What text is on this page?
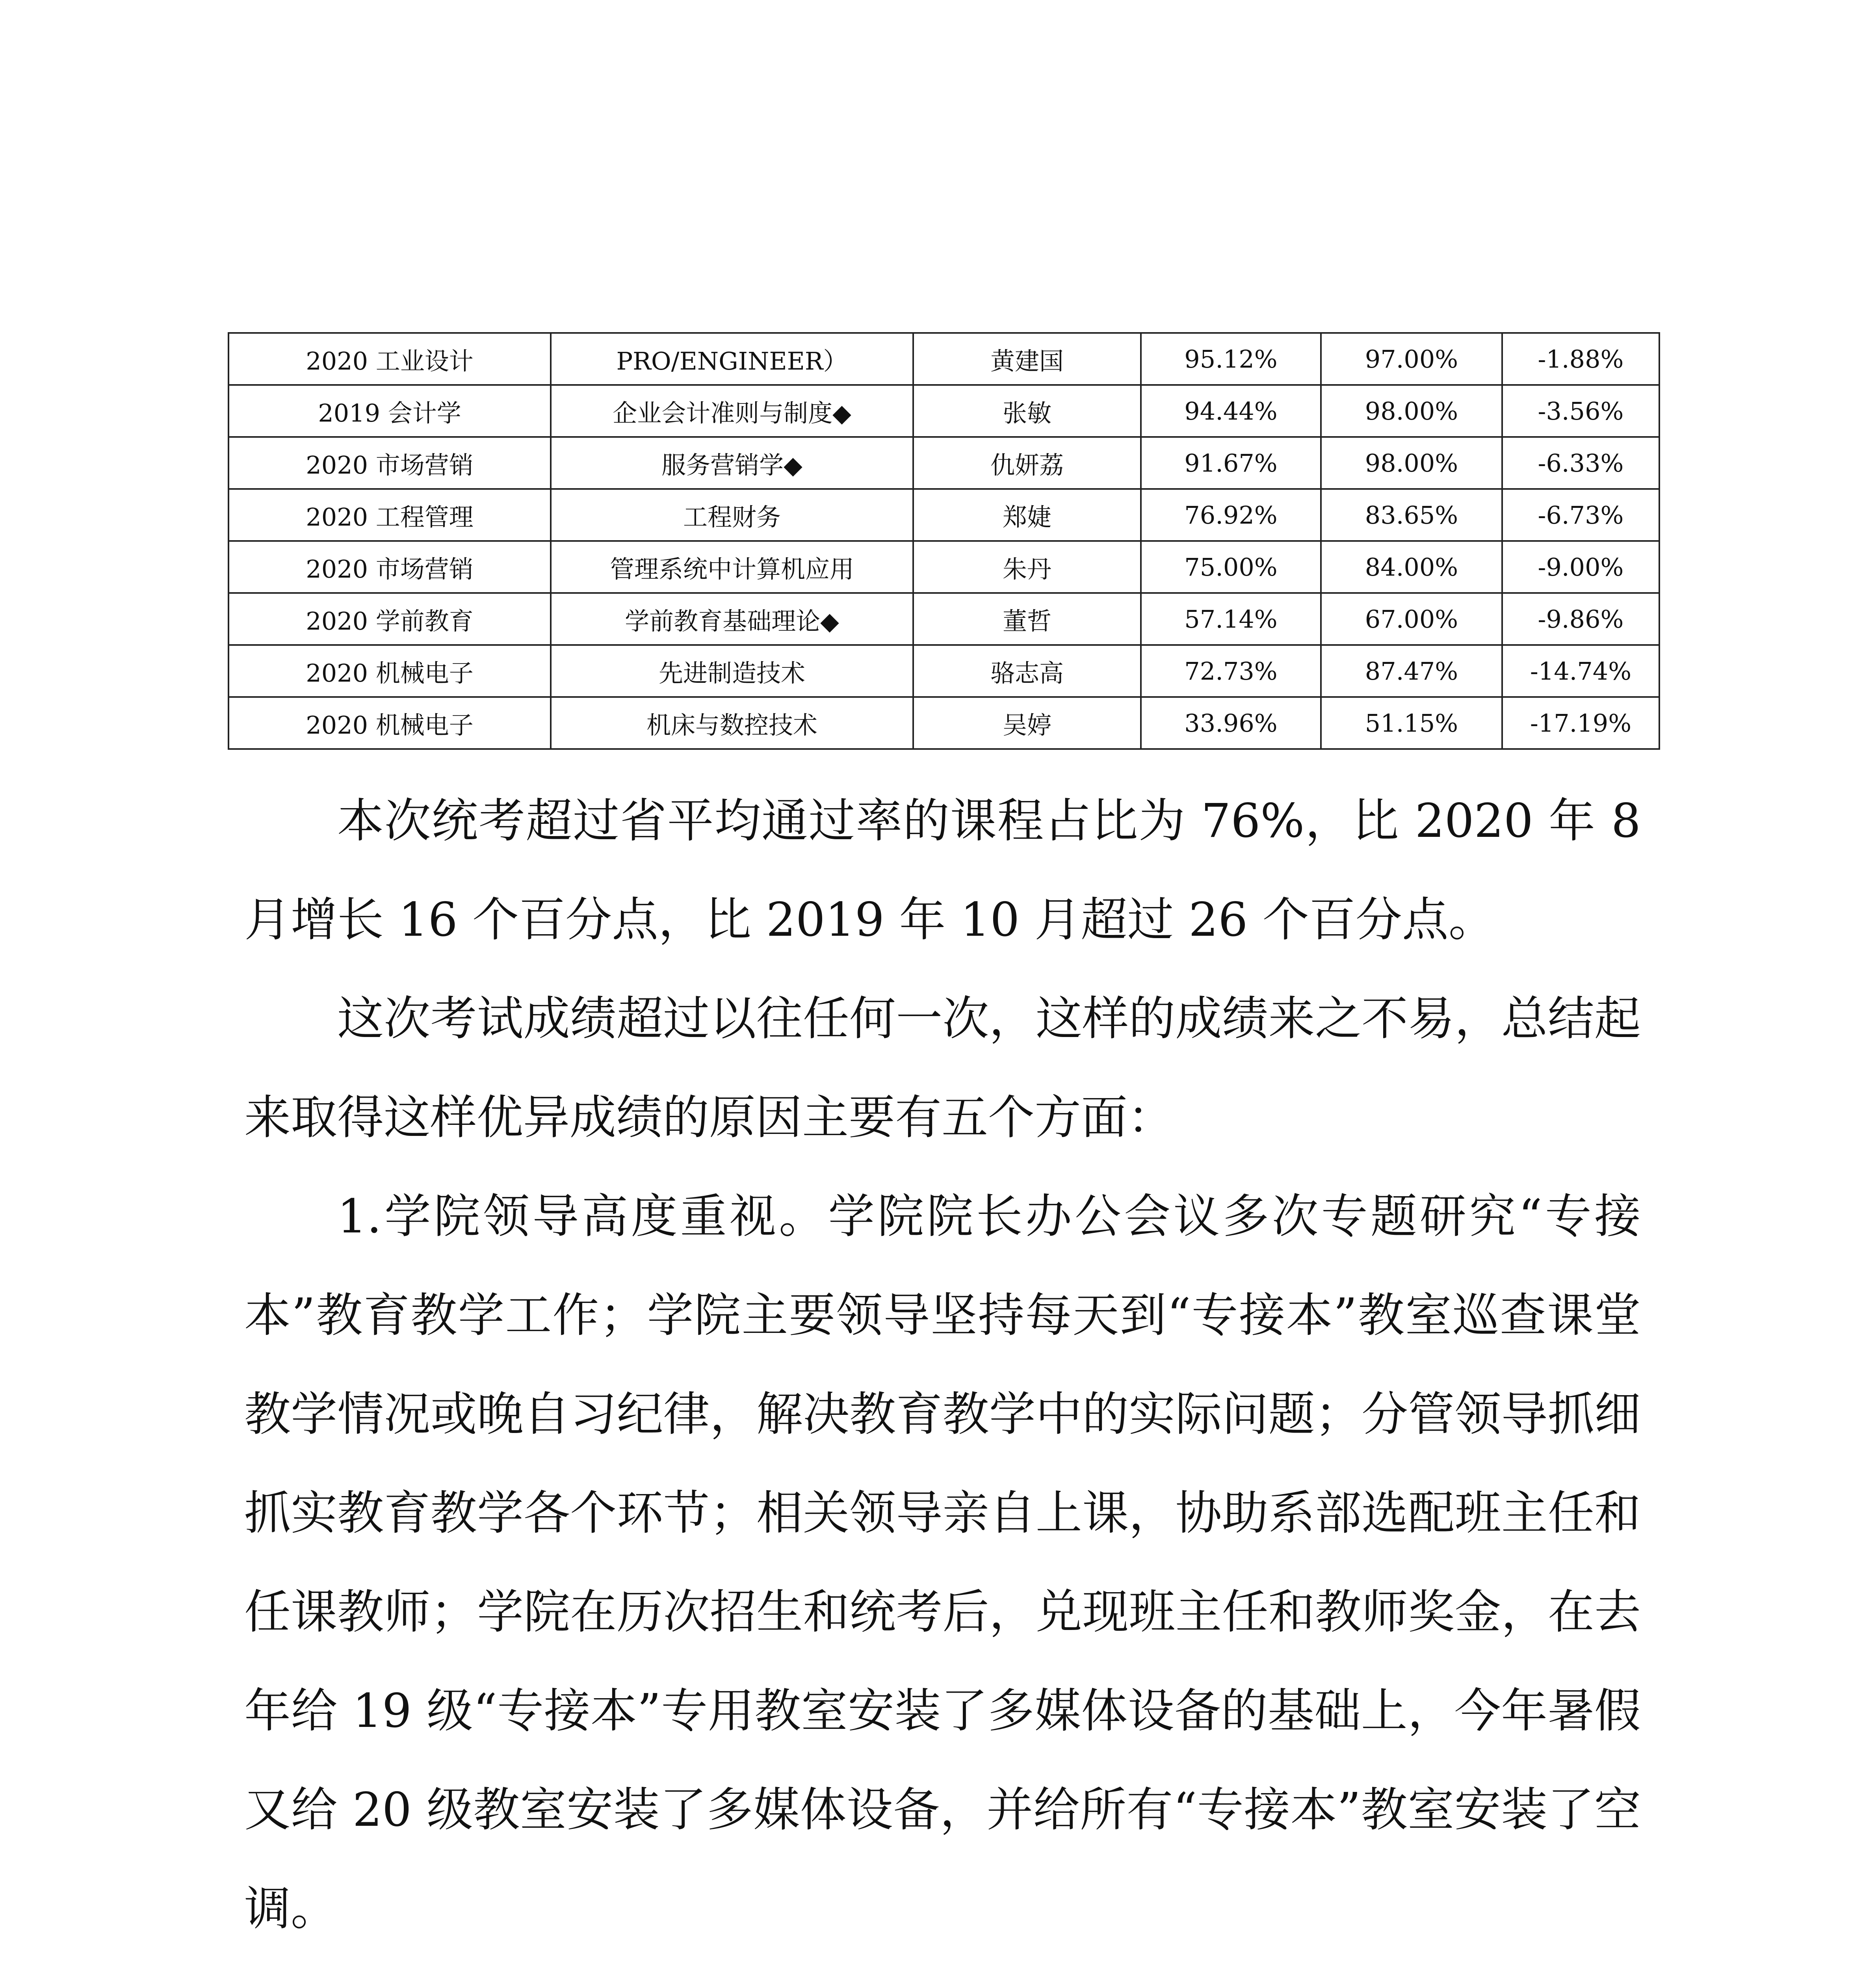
2020 工业设计	PRO/ENGINEER）	黄建国	95.12%	97.00%	-1.88%
2019 会计学	企业会计准则与制度◆	张敏	94.44%	98.00%	-3.56%
2020 市场营销	服务营销学◆	仇妍荔	91.67%	98.00%	-6.33%
2020 工程管理	工程财务	郑婕	76.92%	83.65%	-6.73%
2020 市场营销	管理系统中计算机应用	朱丹	75.00%	84.00%	-9.00%
2020 学前教育	学前教育基础理论◆	董哲	57.14%	67.00%	-9.86%
2020 机械电子	先进制造技术	骆志高	72.73%	87.47%	-14.74%
2020 机械电子	机床与数控技术	吴婷	33.96%	51.15%	-17.19%

本次统考超过省平均通过率的课程占比为 76%，比 2020 年 8 月增长 16 个百分点，比 2019 年 10 月超过 26 个百分点。

这次考试成绩超过以往任何一次，这样的成绩来之不易，总结起来取得这样优异成绩的原因主要有五个方面：

1.学院领导高度重视。学院院长办公会议多次专题研究“专接本”教育教学工作；学院主要领导坚持每天到“专接本”教室巡查课堂教学情况或晚自习纪律，解决教育教学中的实际问题；分管领导抓细抓实教育教学各个环节；相关领导亲自上课，协助系部选配班主任和任课教师；学院在历次招生和统考后，兑现班主任和教师奖金，在去年给 19 级“专接本”专用教室安装了多媒体设备的基础上，今年暑假又给 20 级教室安装了多媒体设备，并给所有“专接本”教室安装了空调。
